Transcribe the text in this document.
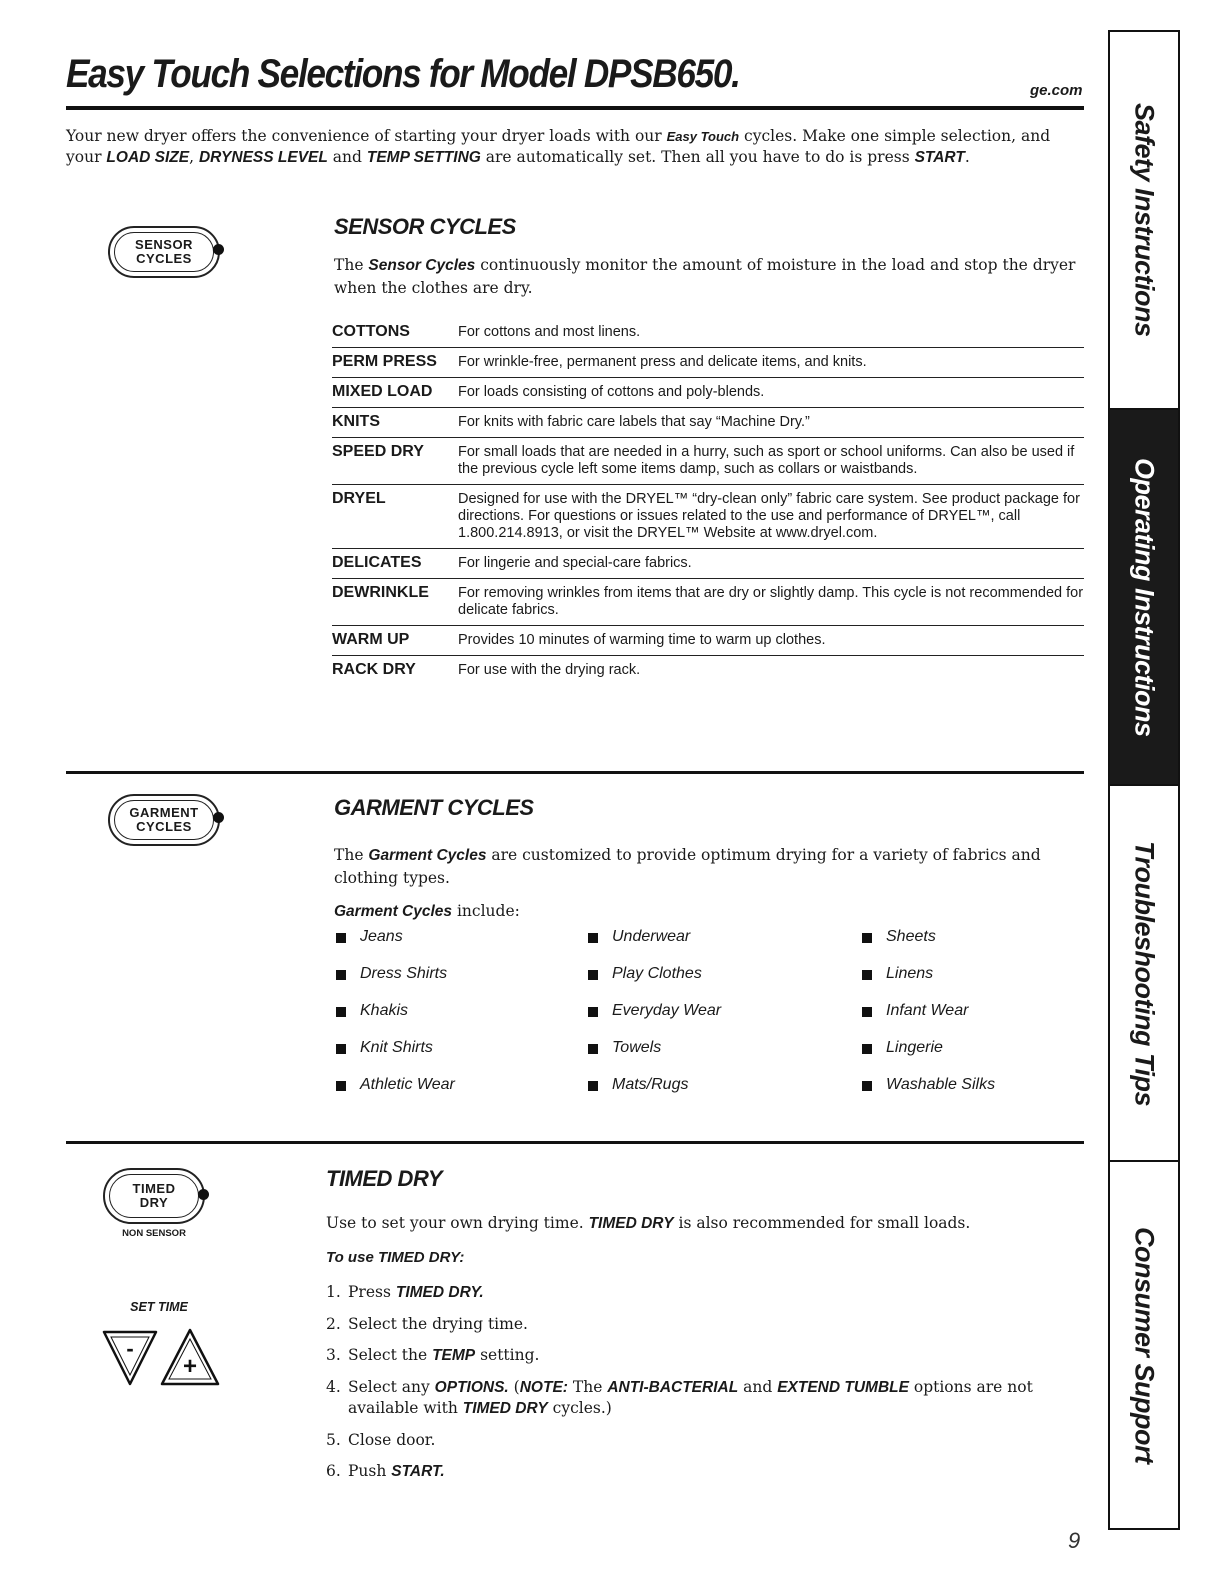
Easy Touch Selections for Model DPSB650.	ge.com
Your new dryer offers the convenience of starting your dryer loads with our Easy Touch cycles. Make one simple selection, and your LOAD SIZE, DRYNESS LEVEL and TEMP SETTING are automatically set. Then all you have to do is press START.
SENSOR
CYCLES
SENSOR CYCLES
The Sensor Cycles continuously monitor the amount of moisture in the load and stop the dryer when the clothes are dry.
COTTONS	For cottons and most linens.
PERM PRESS	For wrinkle-free, permanent press and delicate items, and knits.
MIXED LOAD	For loads consisting of cottons and poly-blends.
KNITS	For knits with fabric care labels that say “Machine Dry.”
SPEED DRY	For small loads that are needed in a hurry, such as sport or school uniforms. Can also be used if the previous cycle left some items damp, such as collars or waistbands.
DRYEL	Designed for use with the DRYEL™ “dry-clean only” fabric care system. See product package for directions. For questions or issues related to the use and performance of DRYEL™, call 1.800.214.8913, or visit the DRYEL™ Website at www.dryel.com.
DELICATES	For lingerie and special-care fabrics.
DEWRINKLE	For removing wrinkles from items that are dry or slightly damp. This cycle is not recommended for delicate fabrics.
WARM UP	Provides 10 minutes of warming time to warm up clothes.
RACK DRY	For use with the drying rack.
GARMENT
CYCLES
GARMENT CYCLES
The Garment Cycles are customized to provide optimum drying for a variety of fabrics and clothing types.
Garment Cycles include:
Jeans
Dress Shirts
Khakis
Knit Shirts
Athletic Wear
Underwear
Play Clothes
Everyday Wear
Towels
Mats/Rugs
Sheets
Linens
Infant Wear
Lingerie
Washable Silks
TIMED
DRY
NON SENSOR
SET TIME
-
+
TIMED DRY
Use to set your own drying time. TIMED DRY is also recommended for small loads.
To use TIMED DRY:
1. Press TIMED DRY.
2. Select the drying time.
3. Select the TEMP setting.
4. Select any OPTIONS. (NOTE: The ANTI-BACTERIAL and EXTEND TUMBLE options are not available with TIMED DRY cycles.)
5. Close door.
6. Push START.
Safety Instructions
Operating Instructions
Troubleshooting Tips
Consumer Support
9
